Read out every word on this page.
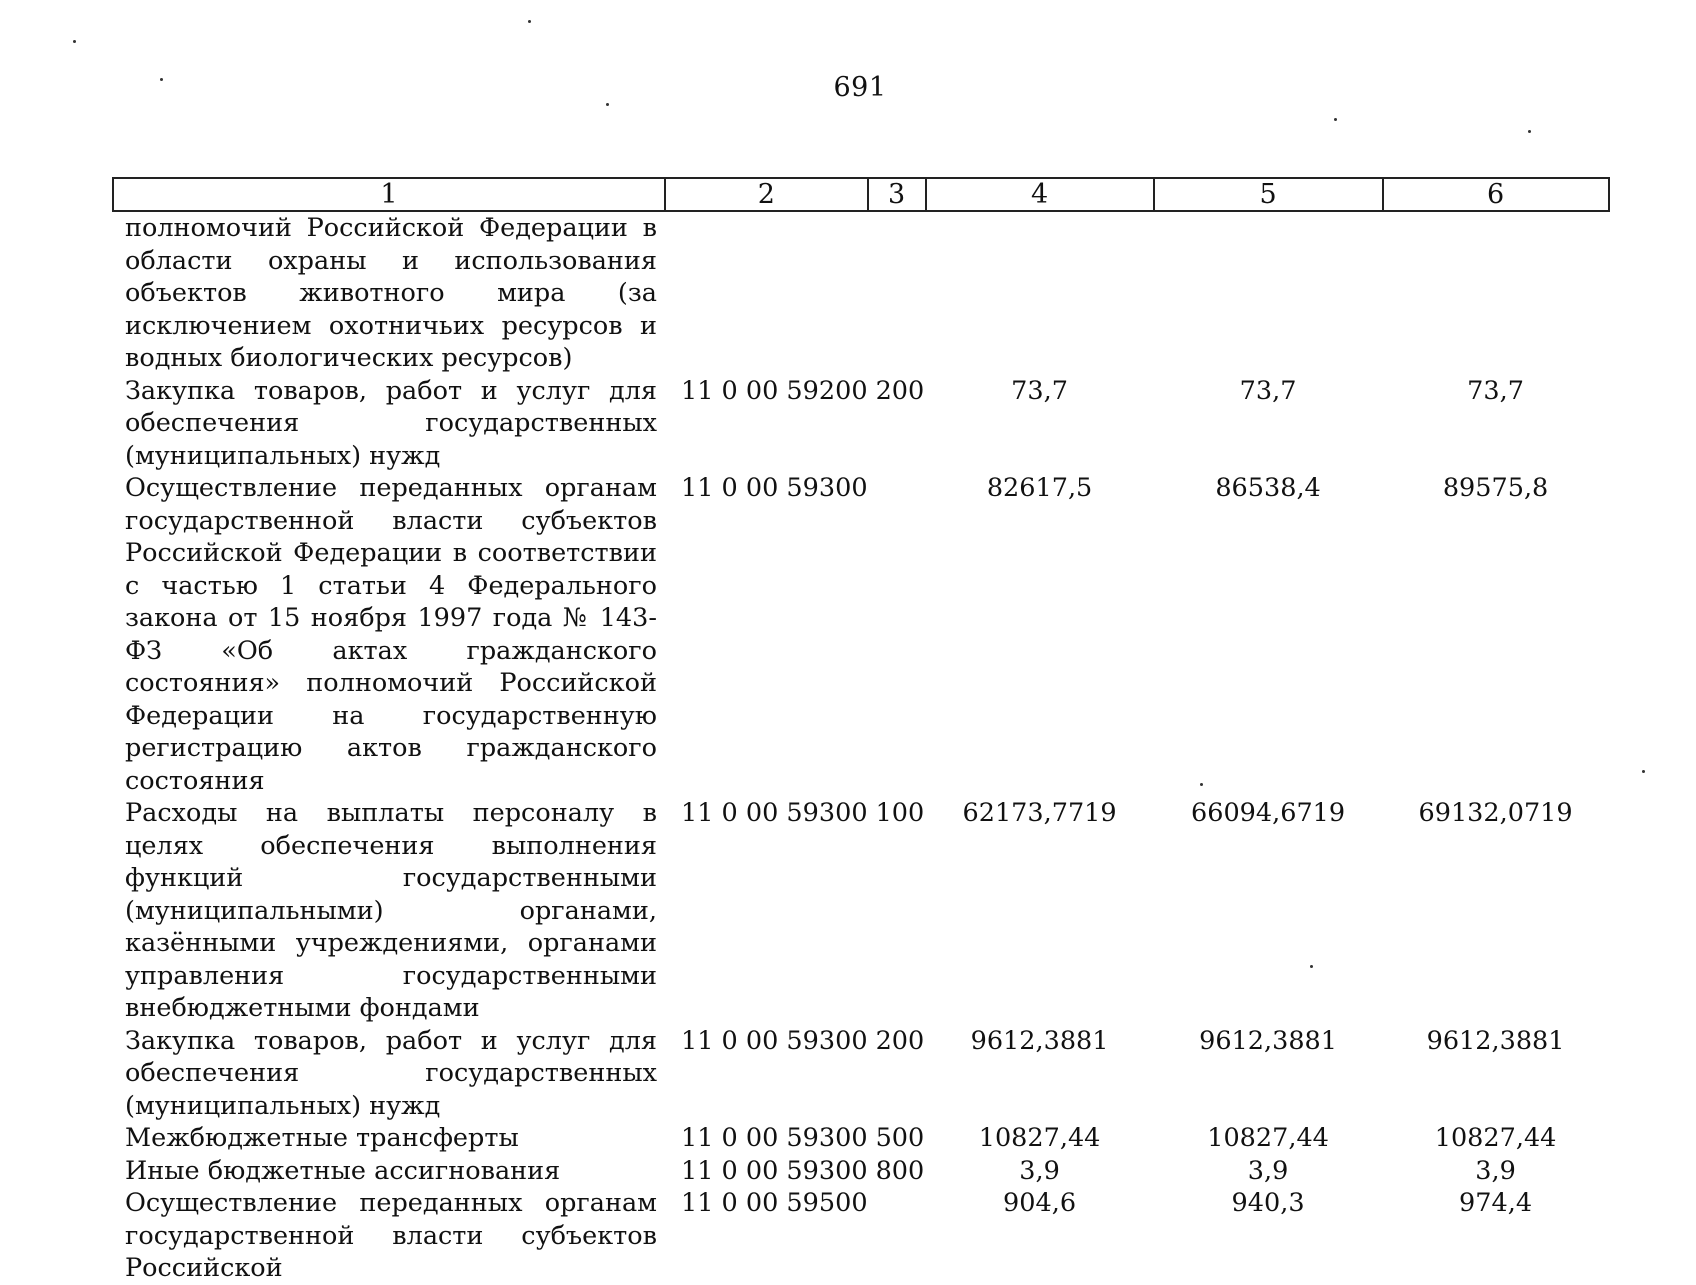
691
1	2	3	4	5	6
полномочий Российской Федерации в области охраны и использования объектов животного мира (за исключением охотничьих ресурсов и водных биологических ресурсов)					
Закупка товаров, работ и услуг для обеспечения государственных (муниципальных) нужд	11 0 00 59200	200	73,7	73,7	73,7
Осуществление переданных органам государственной власти субъектов Российской Федерации в соответствии с частью 1 статьи 4 Федерального закона от 15 ноября 1997 года № 143-ФЗ «Об актах гражданского состояния» полномочий Российской Федерации на государственную регистрацию актов гражданского состояния	11 0 00 59300		82617,5	86538,4	89575,8
Расходы на выплаты персоналу в целях обеспечения выполнения функций государственными (муниципальными) органами, казёнными учреждениями, органами управления государственными внебюджетными фондами	11 0 00 59300	100	62173,7719	66094,6719	69132,0719
Закупка товаров, работ и услуг для обеспечения государственных (муниципальных) нужд	11 0 00 59300	200	9612,3881	9612,3881	9612,3881
Межбюджетные трансферты	11 0 00 59300	500	10827,44	10827,44	10827,44
Иные бюджетные ассигнования	11 0 00 59300	800	3,9	3,9	3,9
Осуществление переданных органам государственной власти субъектов Российской	11 0 00 59500		904,6	940,3	974,4
